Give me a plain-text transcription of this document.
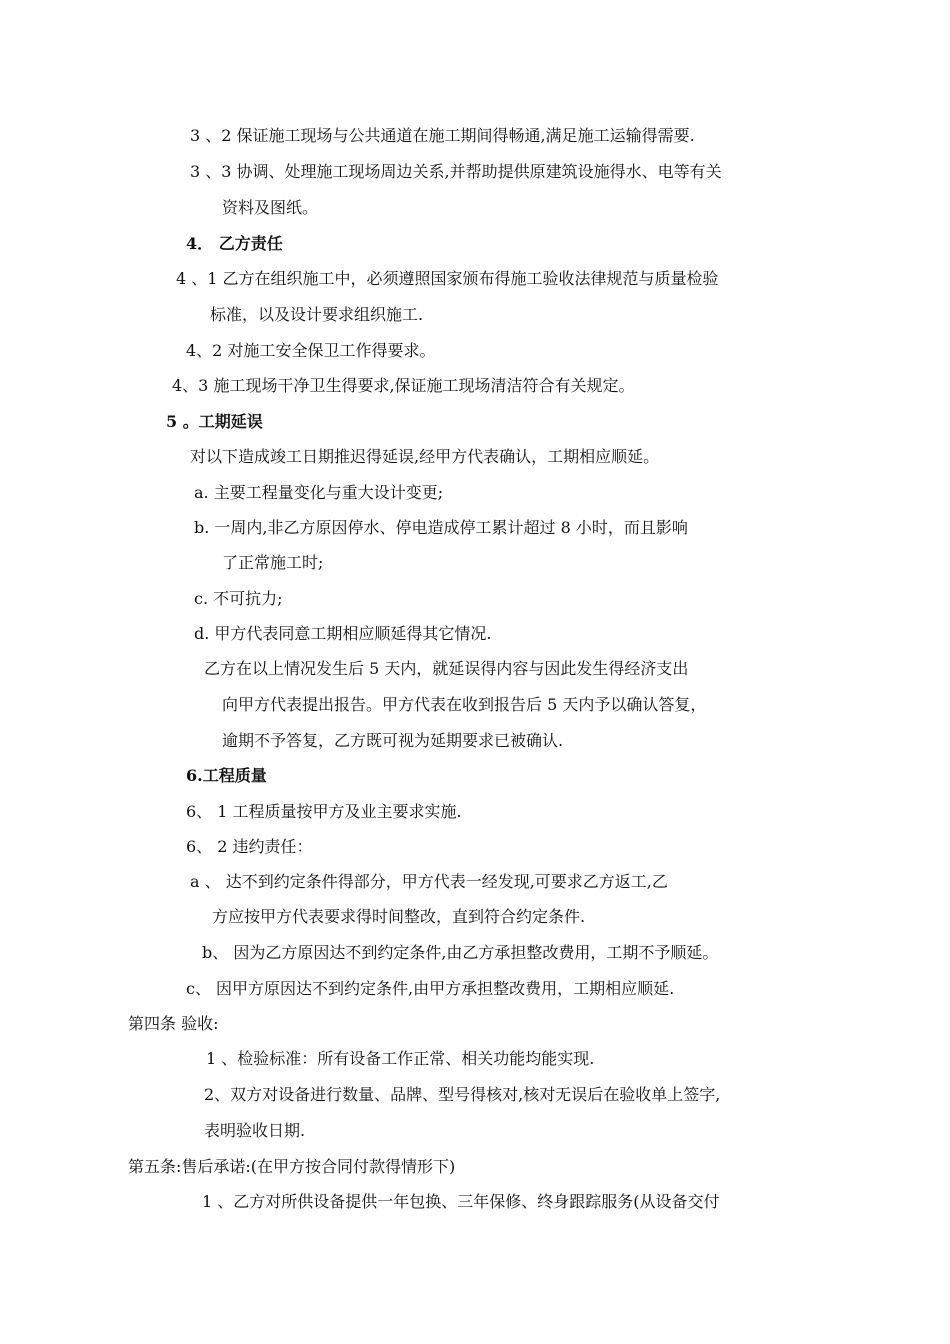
3 、2 保证施工现场与公共通道在施工期间得畅通,满足施工运输得需要.
3 、3 协调、处理施工现场周边关系,并帮助提供原建筑设施得水、电等有关
资料及图纸。
4． 乙方责任
4 、1 乙方在组织施工中，必须遵照国家颁布得施工验收法律规范与质量检验
标准，以及设计要求组织施工.
4、2 对施工安全保卫工作得要求。
4、3 施工现场干净卫生得要求,保证施工现场清洁符合有关规定。
5 。工期延误
对以下造成竣工日期推迟得延误,经甲方代表确认，工期相应顺延。
a. 主要工程量变化与重大设计变更;
b. 一周内,非乙方原因停水、停电造成停工累计超过 8 小时，而且影响
了正常施工时;
c. 不可抗力;
d. 甲方代表同意工期相应顺延得其它情况.
乙方在以上情况发生后 5 天内，就延误得内容与因此发生得经济支出
向甲方代表提出报告。甲方代表在收到报告后 5 天内予以确认答复，
逾期不予答复，乙方既可视为延期要求已被确认.
6.工程质量
6、 1 工程质量按甲方及业主要求实施.
6、 2 违约责任：
a 、 达不到约定条件得部分，甲方代表一经发现,可要求乙方返工,乙
方应按甲方代表要求得时间整改，直到符合约定条件.
b、 因为乙方原因达不到约定条件,由乙方承担整改费用，工期不予顺延。
c、 因甲方原因达不到约定条件,由甲方承担整改费用，工期相应顺延.
第四条 验收:
1 、检验标准：所有设备工作正常、相关功能均能实现.
2、双方对设备进行数量、品牌、型号得核对,核对无误后在验收单上签字,
表明验收日期.
第五条:售后承诺:(在甲方按合同付款得情形下)
1 、乙方对所供设备提供一年包换、三年保修、终身跟踪服务(从设备交付
